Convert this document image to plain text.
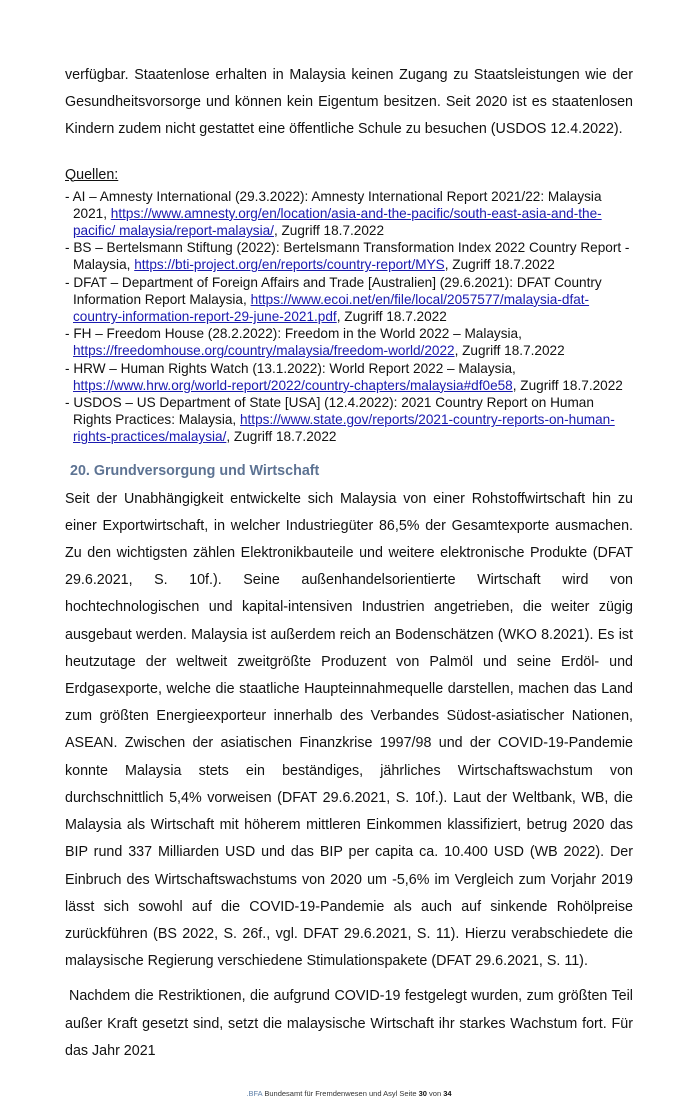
verfügbar. Staatenlose erhalten in Malaysia keinen Zugang zu Staatsleistungen wie der Gesundheitsvorsorge und können kein Eigentum besitzen. Seit 2020 ist es staatenlosen Kindern zudem nicht gestattet eine öffentliche Schule zu besuchen (USDOS 12.4.2022).

Quellen:
- AI – Amnesty International (29.3.2022): Amnesty International Report 2021/22: Malaysia 2021, https://www.amnesty.org/en/location/asia-and-the-pacific/south-east-asia-and-the-pacific/ malaysia/report-malaysia/, Zugriff 18.7.2022
- BS – Bertelsmann Stiftung (2022): Bertelsmann Transformation Index 2022 Country Report - Malaysia, https://bti-project.org/en/reports/country-report/MYS, Zugriff 18.7.2022
- DFAT – Department of Foreign Affairs and Trade [Australien] (29.6.2021): DFAT Country Information Report Malaysia, https://www.ecoi.net/en/file/local/2057577/malaysia-dfat-country-information-report-29-june-2021.pdf, Zugriff 18.7.2022
- FH – Freedom House (28.2.2022): Freedom in the World 2022 – Malaysia, https://freedomhouse.org/country/malaysia/freedom-world/2022, Zugriff 18.7.2022
- HRW – Human Rights Watch (13.1.2022): World Report 2022 – Malaysia, https://www.hrw.org/world-report/2022/country-chapters/malaysia#df0e58, Zugriff 18.7.2022
- USDOS – US Department of State [USA] (12.4.2022): 2021 Country Report on Human Rights Practices: Malaysia, https://www.state.gov/reports/2021-country-reports-on-human-rights-practices/malaysia/, Zugriff 18.7.2022
20. Grundversorgung und Wirtschaft

Seit der Unabhängigkeit entwickelte sich Malaysia von einer Rohstoffwirtschaft hin zu einer Exportwirtschaft, in welcher Industriegüter 86,5% der Gesamtexporte ausmachen. Zu den wichtigsten zählen Elektronikbauteile und weitere elektronische Produkte (DFAT 29.6.2021, S. 10f.). Seine außenhandelsorientierte Wirtschaft wird von hochtechnologischen und kapital-intensiven Industrien angetrieben, die weiter zügig ausgebaut werden. Malaysia ist außerdem reich an Bodenschätzen (WKO 8.2021). Es ist heutzutage der weltweit zweitgrößte Produzent von Palmöl und seine Erdöl- und Erdgasexporte, welche die staatliche Haupteinnahmequelle darstellen, machen das Land zum größten Energieexporteur innerhalb des Verbandes Südost-asiatischer Nationen, ASEAN. Zwischen der asiatischen Finanzkrise 1997/98 und der COVID-19-Pandemie konnte Malaysia stets ein beständiges, jährliches Wirtschaftswachstum von durchschnittlich 5,4% vorweisen (DFAT 29.6.2021, S. 10f.). Laut der Weltbank, WB, die Malaysia als Wirtschaft mit höherem mittleren Einkommen klassifiziert, betrug 2020 das BIP rund 337 Milliarden USD und das BIP per capita ca. 10.400 USD (WB 2022). Der Einbruch des Wirtschaftswachstums von 2020 um -5,6% im Vergleich zum Vorjahr 2019 lässt sich sowohl auf die COVID-19-Pandemie als auch auf sinkende Rohölpreise zurückführen (BS 2022, S. 26f., vgl. DFAT 29.6.2021, S. 11). Hierzu verabschiedete die malaysische Regierung verschiedene Stimulationspakete (DFAT 29.6.2021, S. 11).

Nachdem die Restriktionen, die aufgrund COVID-19 festgelegt wurden, zum größten Teil außer Kraft gesetzt sind, setzt die malaysische Wirtschaft ihr starkes Wachstum fort. Für das Jahr 2021

.BFA Bundesamt für Fremdenwesen und Asyl Seite 30 von 34
